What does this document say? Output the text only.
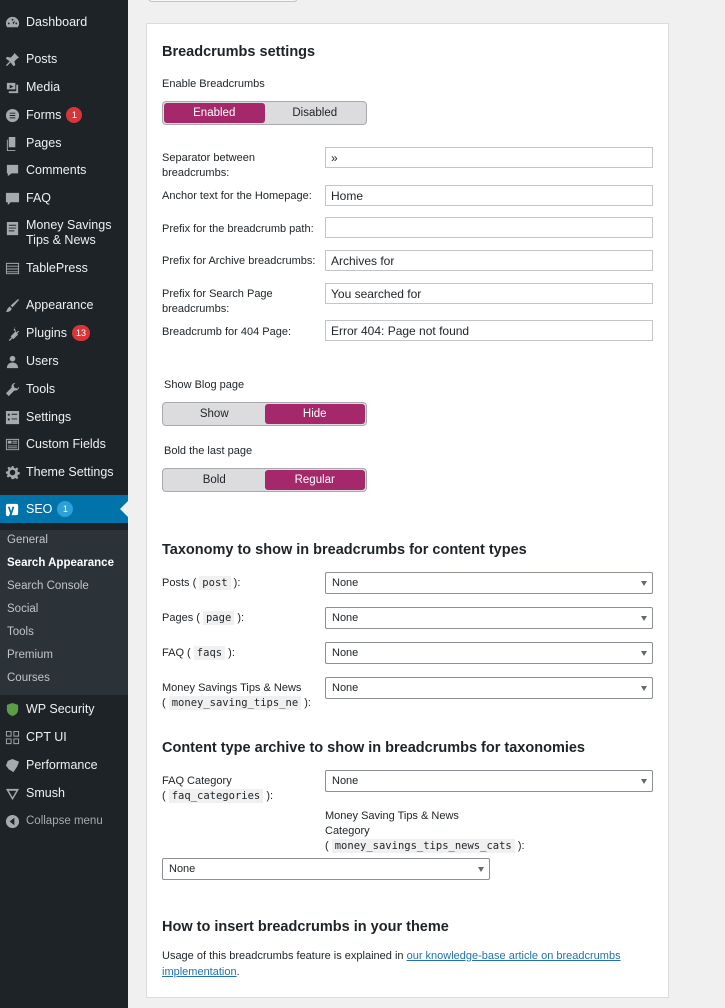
Dashboard
Posts
Media
Forms	1
Pages
Comments
FAQ
Money Savings Tips & News
TablePress
Appearance
Plugins	13
Users
Tools
Settings
Custom Fields
Theme Settings
SEO	1
General
Search Appearance
Search Console
Social
Tools
Premium
Courses
WP Security
CPT UI
Performance
Smush
Collapse menu
Breadcrumbs settings
Enable Breadcrumbs
Enabled	Disabled
Separator between breadcrumbs:
»
Anchor text for the Homepage:	Home
Prefix for the breadcrumb path:
Prefix for Archive breadcrumbs:	Archives for
Prefix for Search Page breadcrumbs:
You searched for
Breadcrumb for 404 Page:	Error 404: Page not found
Show Blog page
Show	Hide
Bold the last page
Bold	Regular
Taxonomy to show in breadcrumbs for content types
Posts ( post ):	None
Pages ( page ):	None
FAQ ( faqs ):	None
Money Savings Tips & News
( money_saving_tips_ne ):
None
Content type archive to show in breadcrumbs for taxonomies
FAQ Category
( faq_categories ):
None
Money Saving Tips & News
Category
( money_savings_tips_news_cats ):
None
How to insert breadcrumbs in your theme
Usage of this breadcrumbs feature is explained in our knowledge-base article on breadcrumbs implementation.
